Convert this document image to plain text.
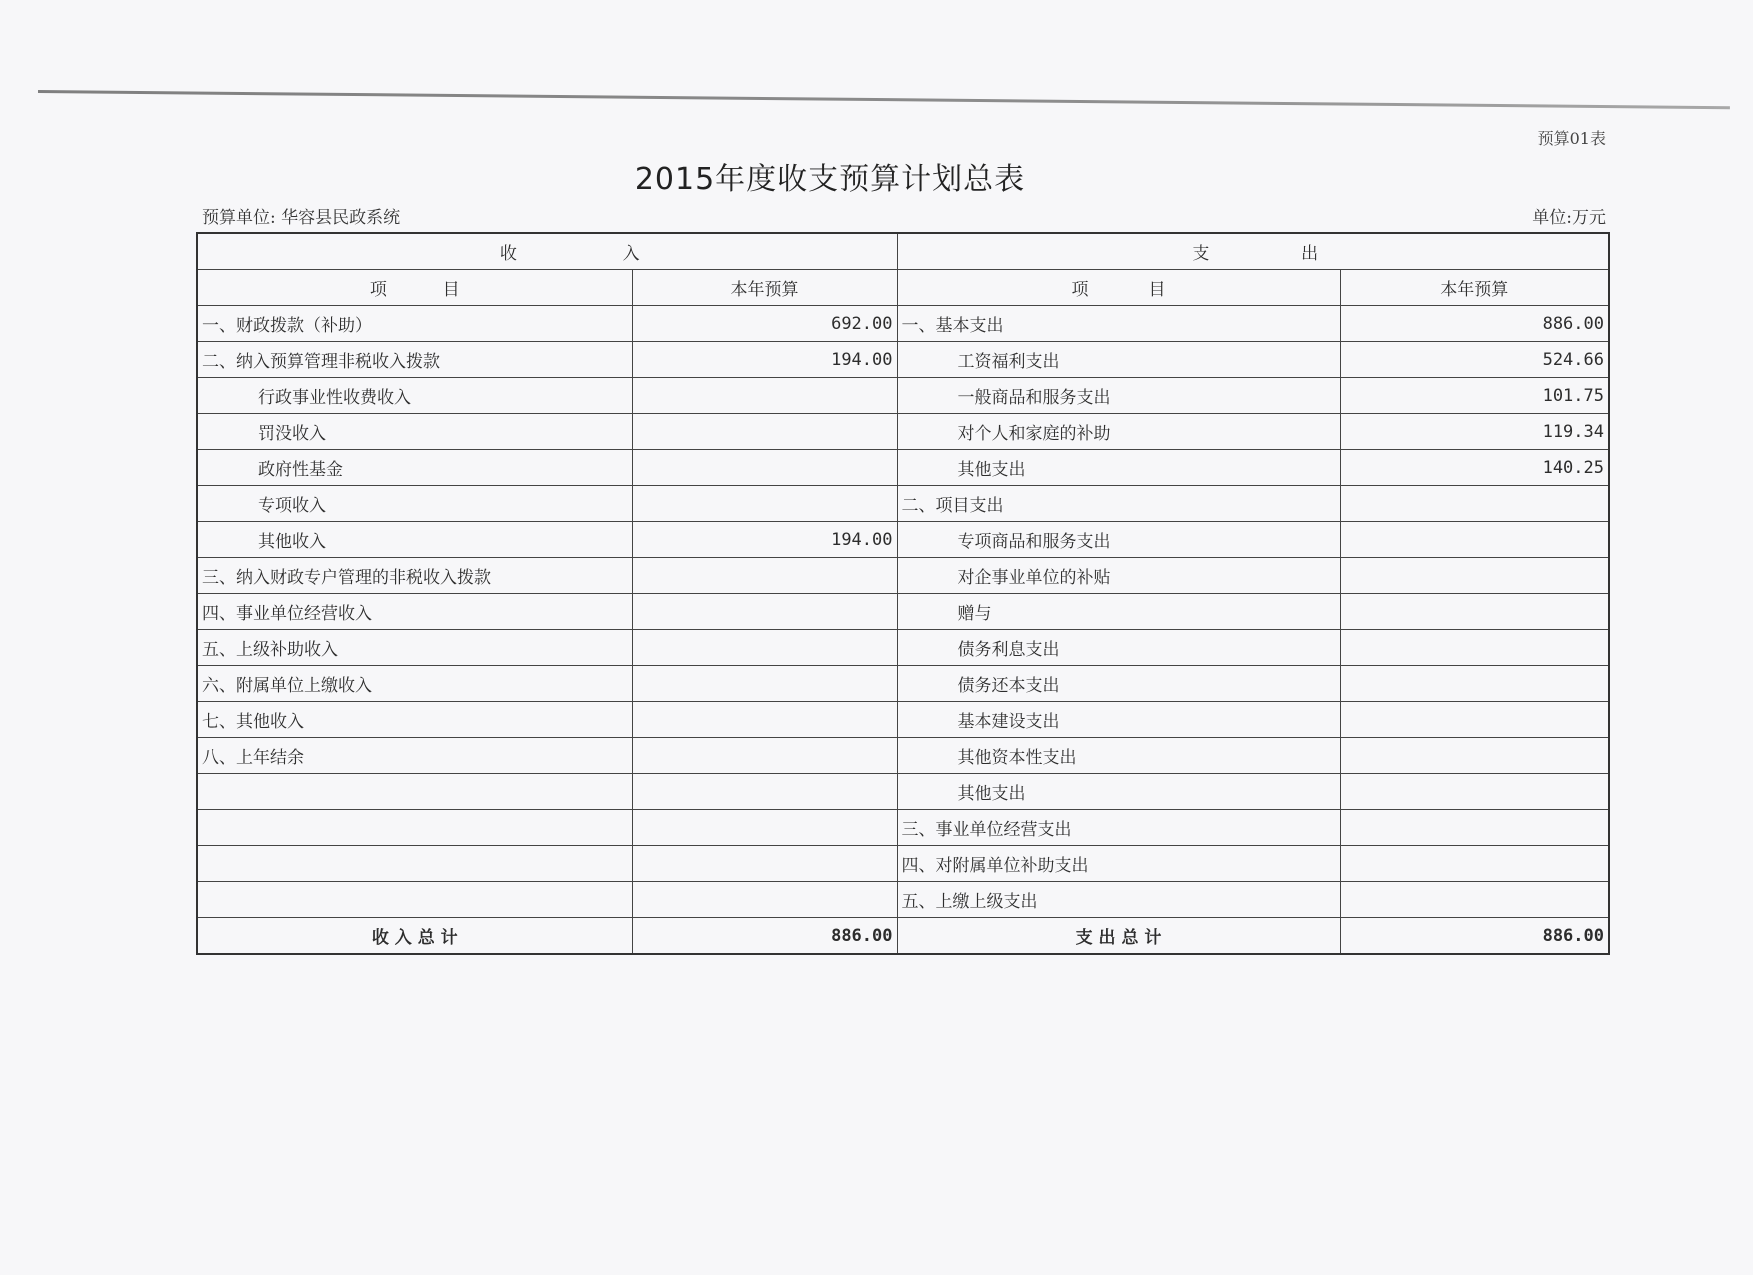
预算01表
2015年度收支预算计划总表
预算单位: 华容县民政系统	单位:万元
收 入		支 出	

项 目	本年预算	项 目	本年预算
一、财政拨款（补助）	692.00	一、基本支出	886.00
二、纳入预算管理非税收入拨款	194.00	工资福利支出	524.66
行政事业性收费收入		一般商品和服务支出	101.75
罚没收入		对个人和家庭的补助	119.34
政府性基金		其他支出	140.25
专项收入		二、项目支出	
其他收入	194.00	专项商品和服务支出	
三、纳入财政专户管理的非税收入拨款		对企事业单位的补贴	
四、事业单位经营收入		赠与	
五、上级补助收入		债务利息支出	
六、附属单位上缴收入		债务还本支出	
七、其他收入		基本建设支出	
八、上年结余		其他资本性支出	
		其他支出	
		三、事业单位经营支出	
		四、对附属单位补助支出	
		五、上缴上级支出	
收 入 总 计	886.00	支 出 总 计	886.00
